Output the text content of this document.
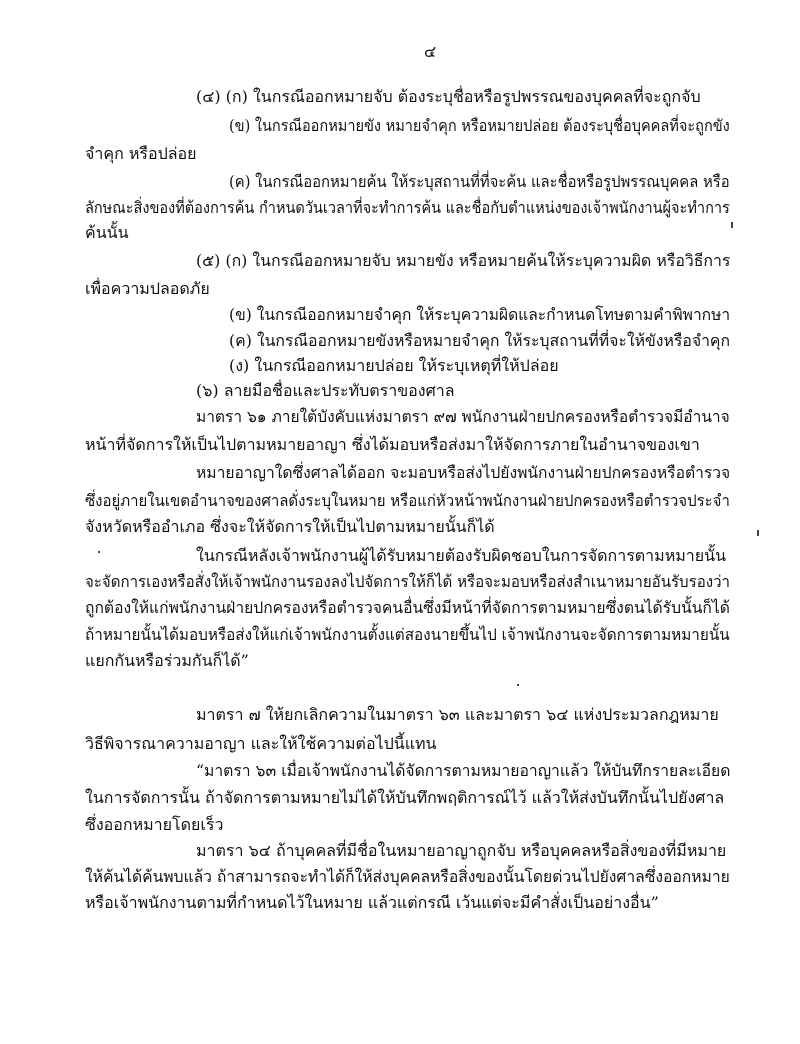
๔
(๔) (ก) ในกรณีออกหมายจับ ต้องระบุชื่อหรือรูปพรรณของบุคคลที่จะถูกจับ
(ข) ในกรณีออกหมายขัง หมายจำคุก หรือหมายปล่อย ต้องระบุชื่อบุคคลที่จะถูกขัง
จำคุก หรือปล่อย
(ค) ในกรณีออกหมายค้น ให้ระบุสถานที่ที่จะค้น และชื่อหรือรูปพรรณบุคคล หรือ
ลักษณะสิ่งของที่ต้องการค้น กำหนดวันเวลาที่จะทำการค้น และชื่อกับตำแหน่งของเจ้าพนักงานผู้จะทำการ
ค้นนั้น
(๕) (ก) ในกรณีออกหมายจับ หมายขัง หรือหมายค้นให้ระบุความผิด หรือวิธีการ
เพื่อความปลอดภัย
(ข) ในกรณีออกหมายจำคุก ให้ระบุความผิดและกำหนดโทษตามคำพิพากษา
(ค) ในกรณีออกหมายขังหรือหมายจำคุก ให้ระบุสถานที่ที่จะให้ขังหรือจำคุก
(ง) ในกรณีออกหมายปล่อย ให้ระบุเหตุที่ให้ปล่อย
(๖) ลายมือชื่อและประทับตราของศาล
มาตรา ๖๑ ภายใต้บังคับแห่งมาตรา ๙๗ พนักงานฝ่ายปกครองหรือตำรวจมีอำนาจ
หน้าที่จัดการให้เป็นไปตามหมายอาญา ซึ่งได้มอบหรือส่งมาให้จัดการภายในอำนาจของเขา
หมายอาญาใดซึ่งศาลได้ออก จะมอบหรือส่งไปยังพนักงานฝ่ายปกครองหรือตำรวจ
ซึ่งอยู่ภายในเขตอำนาจของศาลดั่งระบุในหมาย หรือแก่หัวหน้าพนักงานฝ่ายปกครองหรือตำรวจประจำ
จังหวัดหรืออำเภอ ซึ่งจะให้จัดการให้เป็นไปตามหมายนั้นก็ได้
ในกรณีหลังเจ้าพนักงานผู้ได้รับหมายต้องรับผิดชอบในการจัดการตามหมายนั้น
จะจัดการเองหรือสั่งให้เจ้าพนักงานรองลงไปจัดการให้ก็ได้ หรือจะมอบหรือส่งสำเนาหมายอันรับรองว่า
ถูกต้องให้แก่พนักงานฝ่ายปกครองหรือตำรวจคนอื่นซึ่งมีหน้าที่จัดการตามหมายซึ่งตนได้รับนั้นก็ได้
ถ้าหมายนั้นได้มอบหรือส่งให้แก่เจ้าพนักงานตั้งแต่สองนายขึ้นไป เจ้าพนักงานจะจัดการตามหมายนั้น
แยกกันหรือร่วมกันก็ได้”
มาตรา ๗ ให้ยกเลิกความในมาตรา ๖๓ และมาตรา ๖๔ แห่งประมวลกฎหมาย
วิธีพิจารณาความอาญา และให้ใช้ความต่อไปนี้แทน
“มาตรา ๖๓ เมื่อเจ้าพนักงานได้จัดการตามหมายอาญาแล้ว ให้บันทึกรายละเอียด
ในการจัดการนั้น ถ้าจัดการตามหมายไม่ได้ให้บันทึกพฤติการณ์ไว้ แล้วให้ส่งบันทึกนั้นไปยังศาล
ซึ่งออกหมายโดยเร็ว
มาตรา ๖๔ ถ้าบุคคลที่มีชื่อในหมายอาญาถูกจับ หรือบุคคลหรือสิ่งของที่มีหมาย
ให้ค้นได้ค้นพบแล้ว ถ้าสามารถจะทำได้ก็ให้ส่งบุคคลหรือสิ่งของนั้นโดยด่วนไปยังศาลซึ่งออกหมาย
หรือเจ้าพนักงานตามที่กำหนดไว้ในหมาย แล้วแต่กรณี เว้นแต่จะมีคำสั่งเป็นอย่างอื่น”
